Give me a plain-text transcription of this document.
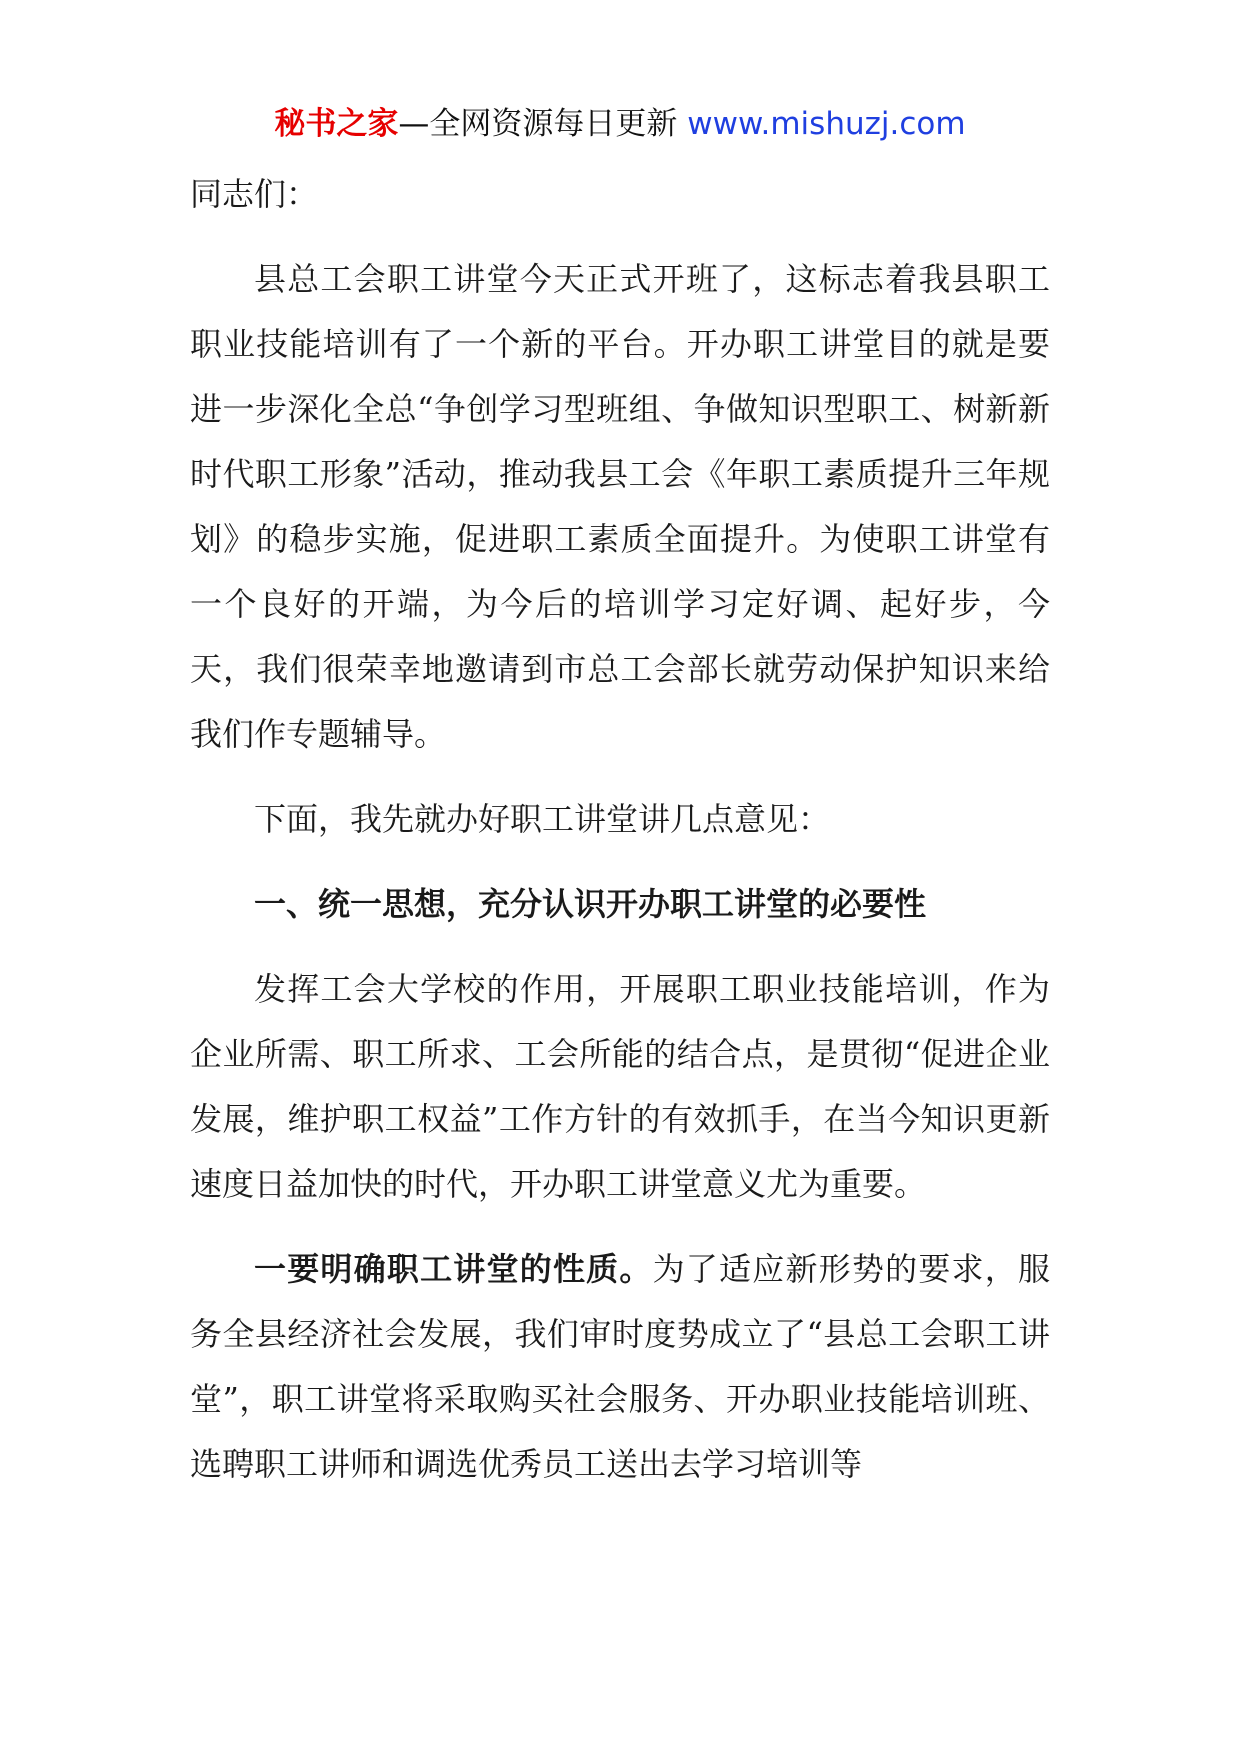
秘书之家—全网资源每日更新 www.mishuzj.com

同志们：

县总工会职工讲堂今天正式开班了，这标志着我县职工职业技能培训有了一个新的平台。开办职工讲堂目的就是要进一步深化全总“争创学习型班组、争做知识型职工、树新新时代职工形象”活动，推动我县工会《年职工素质提升三年规划》的稳步实施，促进职工素质全面提升。为使职工讲堂有一个良好的开端，为今后的培训学习定好调、起好步，今天，我们很荣幸地邀请到市总工会部长就劳动保护知识来给我们作专题辅导。

下面，我先就办好职工讲堂讲几点意见：

一、统一思想，充分认识开办职工讲堂的必要性

发挥工会大学校的作用，开展职工职业技能培训，作为企业所需、职工所求、工会所能的结合点，是贯彻“促进企业发展，维护职工权益”工作方针的有效抓手，在当今知识更新速度日益加快的时代，开办职工讲堂意义尤为重要。

一要明确职工讲堂的性质。为了适应新形势的要求，服务全县经济社会发展，我们审时度势成立了“县总工会职工讲堂”，职工讲堂将采取购买社会服务、开办职业技能培训班、选聘职工讲师和调选优秀员工送出去学习培训等
